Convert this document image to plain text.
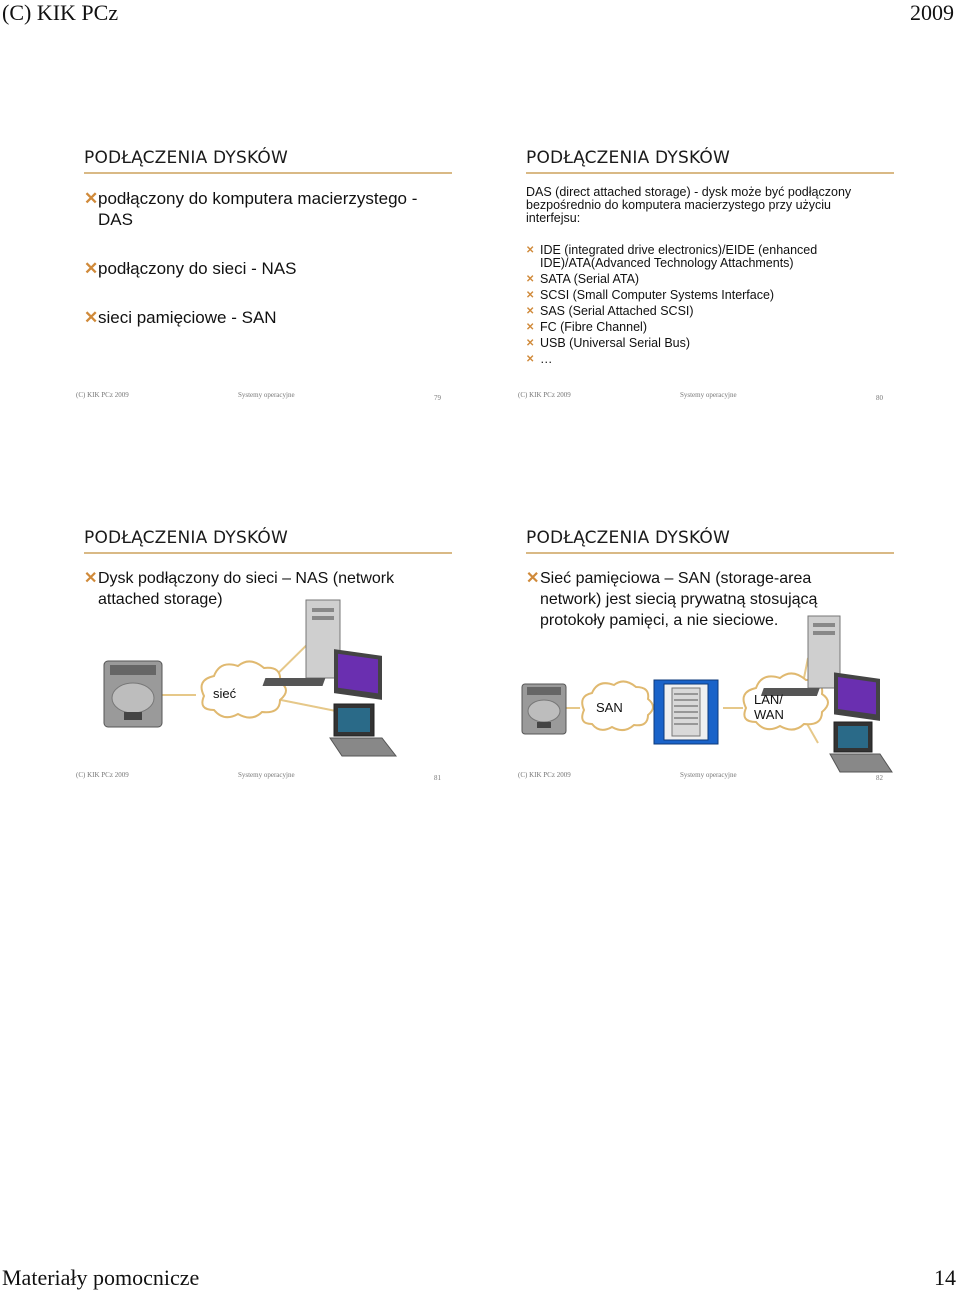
(C) KIK PCz	2009
Materiały pomocnicze	14
PODŁĄCZENIA DYSKÓW
✕ podłączony do komputera macierzystego - DAS
✕ podłączony do sieci - NAS
✕ sieci pamięciowe - SAN
(C) KIK PCz 2009	Systemy operacyjne	79
PODŁĄCZENIA DYSKÓW
DAS (direct attached storage) - dysk może być podłączony bezpośrednio do komputera macierzystego przy użyciu interfejsu:
✕ IDE (integrated drive electronics)/EIDE (enhanced IDE)/ATA(Advanced Technology Attachments)
✕ SATA (Serial ATA)
✕ SCSI (Small Computer Systems Interface)
✕ SAS (Serial Attached SCSI)
✕ FC (Fibre Channel)
✕ USB (Universal Serial Bus)
✕ …
(C) KIK PCz 2009	Systemy operacyjne	80
PODŁĄCZENIA DYSKÓW
✕ Dysk podłączony do sieci – NAS (network attached storage)
sieć
(C) KIK PCz 2009	Systemy operacyjne	81
PODŁĄCZENIA DYSKÓW
✕ Sieć pamięciowa – SAN (storage-area network) jest siecią prywatną stosującą protokoły pamięci, a nie sieciowe.
SAN
LAN/ WAN
(C) KIK PCz 2009	Systemy operacyjne	82
